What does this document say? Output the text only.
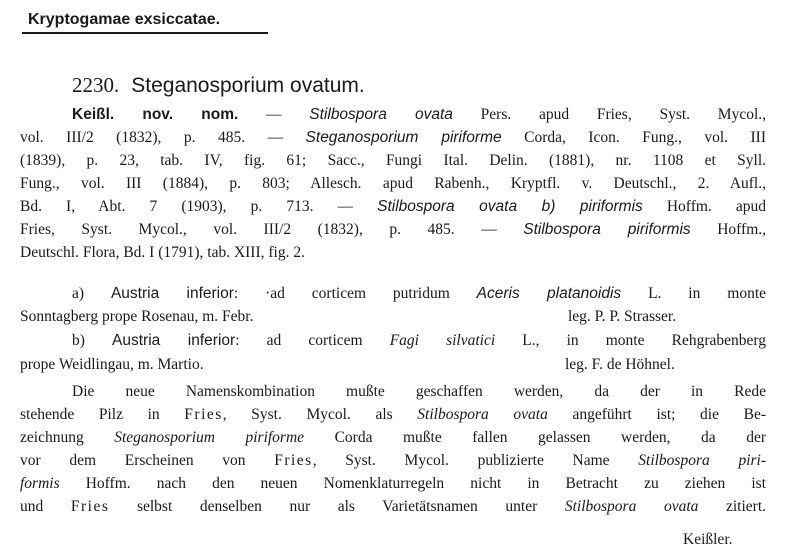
Kryptogamae exsiccatae.
2230. Steganosporium ovatum.
Keißl. nov. nom. — Stilbospora ovata Pers. apud Fries, Syst. Mycol.,
vol. III/2 (1832), p. 485. — Steganosporium piriforme Corda, Icon. Fung., vol. III
(1839), p. 23, tab. IV, fig. 61; Sacc., Fungi Ital. Delin. (1881), nr. 1108 et Syll.
Fung., vol. III (1884), p. 803; Allesch. apud Rabenh., Kryptfl. v. Deutschl., 2. Aufl.,
Bd. I, Abt. 7 (1903), p. 713. — Stilbospora ovata b) piriformis Hoffm. apud
Fries, Syst. Mycol., vol. III/2 (1832), p. 485. — Stilbospora piriformis Hoffm.,
Deutschl. Flora, Bd. I (1791), tab. XIII, fig. 2.
a) Austria inferior: ·ad corticem putridum Aceris platanoidis L. in monte
Sonntagberg prope Rosenau, m. Febr.	leg. P. P. Strasser.
b) Austria inferior: ad corticem Fagi silvatici L., in monte Rehgrabenberg
prope Weidlingau, m. Martio.	leg. F. de Höhnel.
Die neue Namenskombination mußte geschaffen werden, da der in Rede
stehende Pilz in Fries, Syst. Mycol. als Stilbospora ovata angeführt ist; die Be-
zeichnung Steganosporium piriforme Corda mußte fallen gelassen werden, da der
vor dem Erscheinen von Fries, Syst. Mycol. publizierte Name Stilbospora piri-
formis Hoffm. nach den neuen Nomenklaturregeln nicht in Betracht zu ziehen ist
und Fries selbst denselben nur als Varietätsnamen unter Stilbospora ovata zitiert.
Keißler.
